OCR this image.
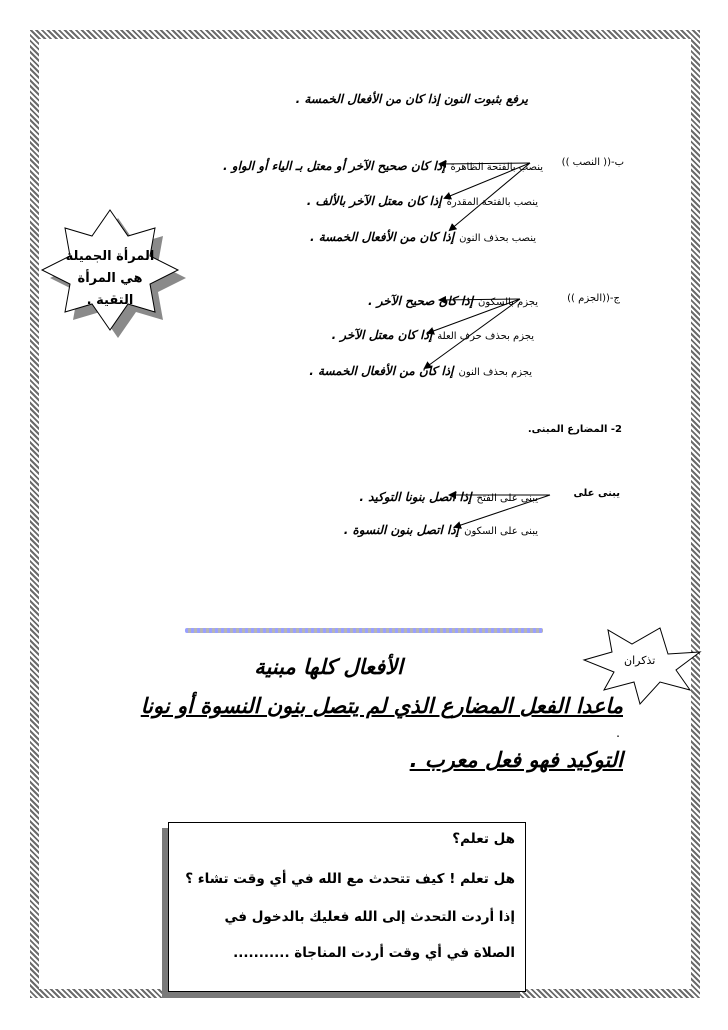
يرفع بثبوت النون إذا كان من الأفعال الخمسة .
ب-(( النصب ))
ينصب بالفتحة الظاهرة إذا كان صحيح الآخر أو معتل بـ الياء أو الواو .
ينصب بالفتحة المقدرة إذا كان معتل الآخر بالألف .
ينصب بحذف النون إذا كان من الأفعال الخمسة .
ج-((الجزم ))
يجزم بالسكون إذا كان صحيح الآخر .
يجزم بحذف حرف العلة إذا كان معتل الآخر .
يجزم بحذف النون إذا كان من الأفعال الخمسة .
2- المضارع المبنى.
يبنى على
يبنى على الفتح إذا اتصل بنونا التوكيد .
يبنى على السكون إذا اتصل بنون النسوة .
المرأة الجميلة
هي المرأة
التقية .
تذكران
الأفعال كلها مبنية
ماعدا الفعل المضارع الذي لم يتصل بنون النسوة أو نونا
.
التوكيد فهو فعل معرب .
هل تعلم؟
هل تعلم ! كيف تتحدث مع الله في أي وقت تشاء ؟
إذا أردت التحدث إلى الله فعليك بالدخول في
الصلاة في أي وقت أردت المناجاة ...........
